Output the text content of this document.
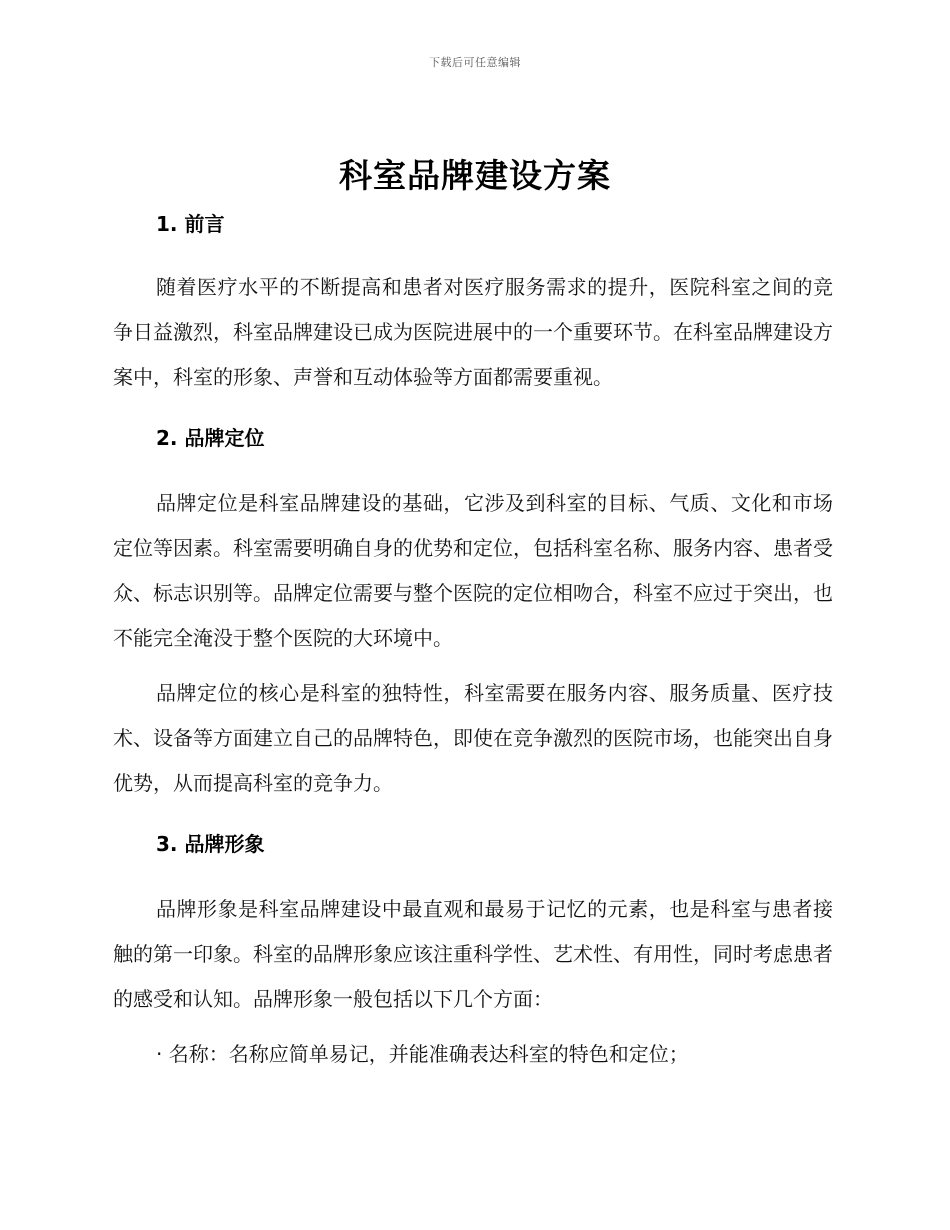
下载后可任意编辑
科室品牌建设方案

1. 前言

随着医疗水平的不断提高和患者对医疗服务需求的提升，医院科室之间的竞争日益激烈，科室品牌建设已成为医院进展中的一个重要环节。在科室品牌建设方案中，科室的形象、声誉和互动体验等方面都需要重视。

2. 品牌定位

品牌定位是科室品牌建设的基础，它涉及到科室的目标、气质、文化和市场定位等因素。科室需要明确自身的优势和定位，包括科室名称、服务内容、患者受众、标志识别等。品牌定位需要与整个医院的定位相吻合，科室不应过于突出，也不能完全淹没于整个医院的大环境中。

品牌定位的核心是科室的独特性，科室需要在服务内容、服务质量、医疗技术、设备等方面建立自己的品牌特色，即使在竞争激烈的医院市场，也能突出自身优势，从而提高科室的竞争力。

3. 品牌形象

品牌形象是科室品牌建设中最直观和最易于记忆的元素，也是科室与患者接触的第一印象。科室的品牌形象应该注重科学性、艺术性、有用性，同时考虑患者的感受和认知。品牌形象一般包括以下几个方面：

· 名称：名称应简单易记，并能准确表达科室的特色和定位；
